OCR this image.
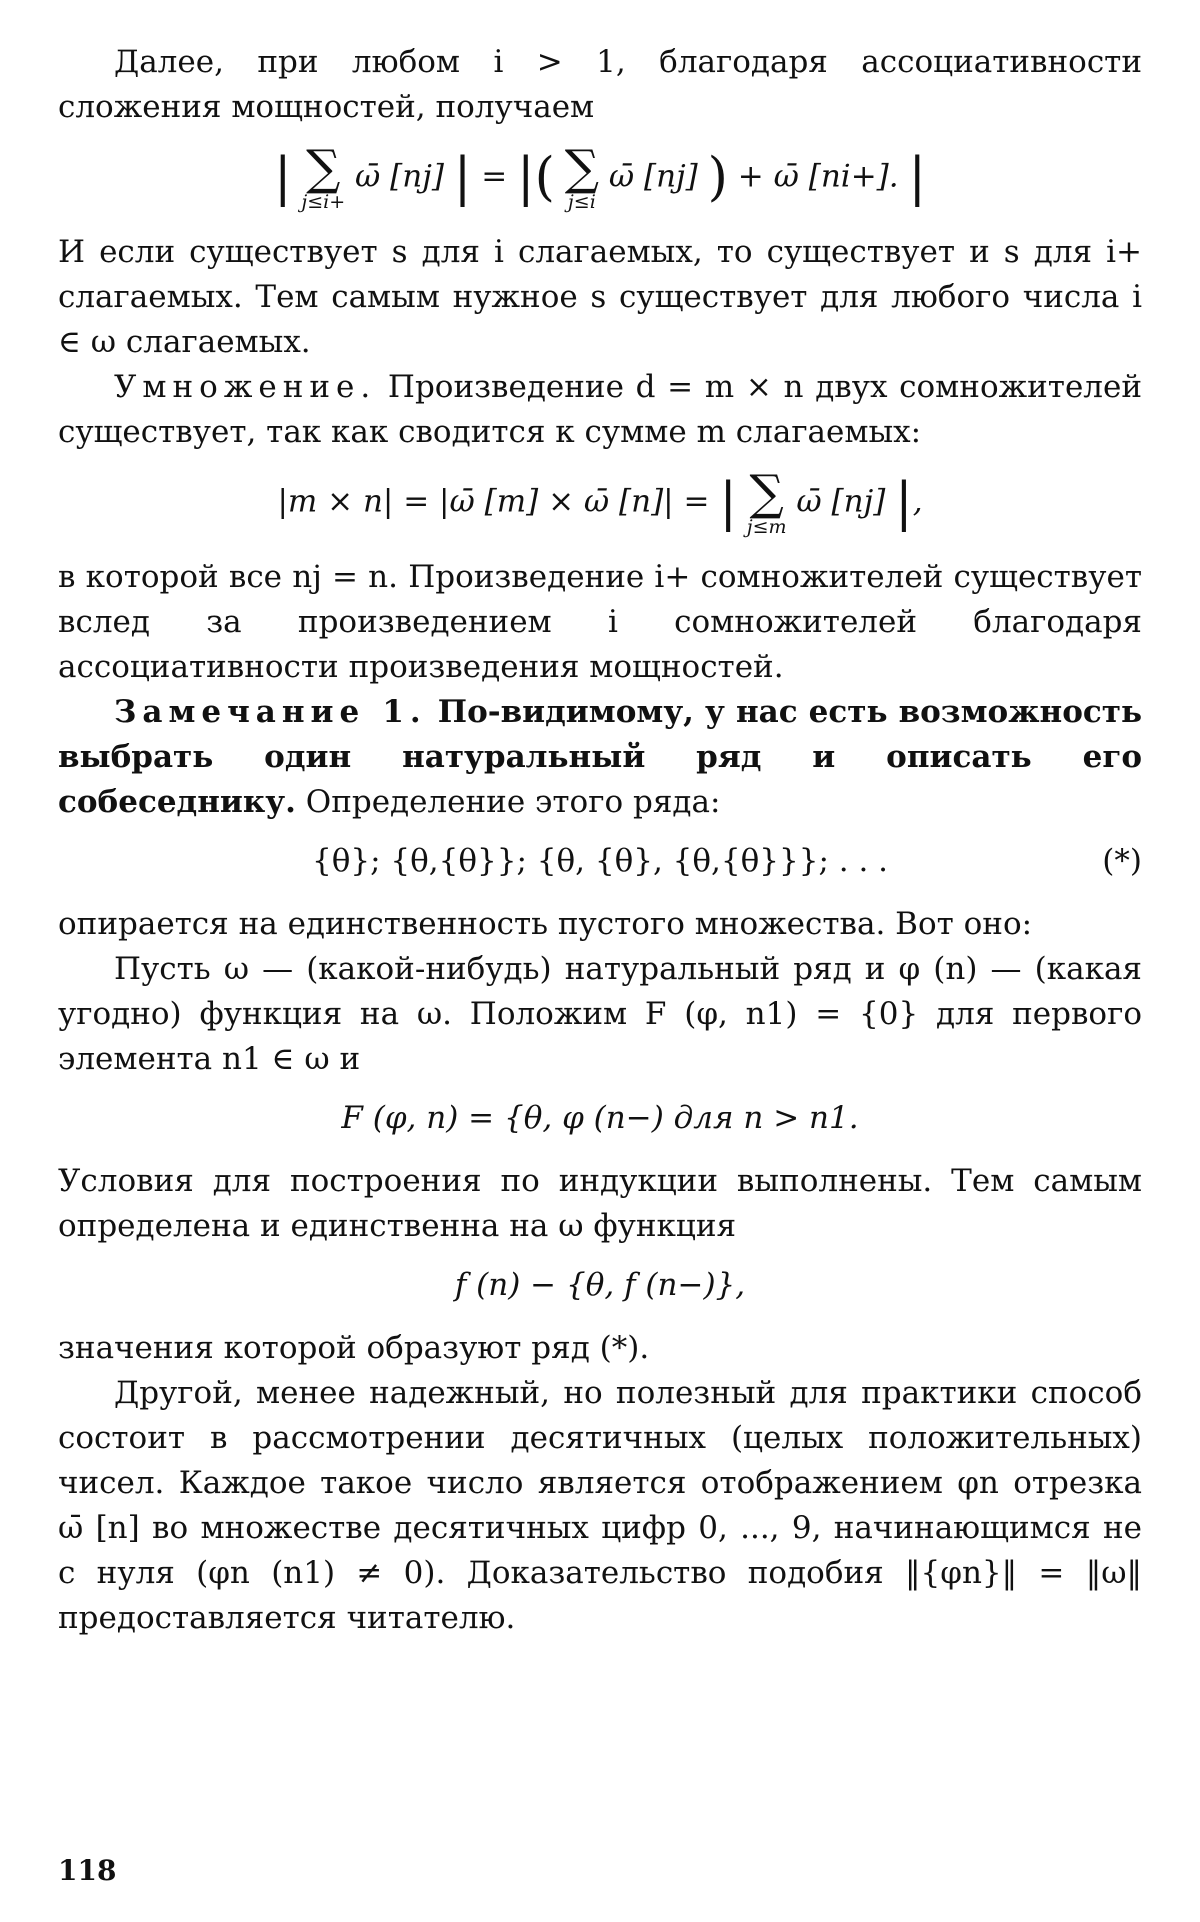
Далее, при любом i > 1, благодаря ассоциативности сложения мощностей, получаем

| ∑
j≤i+
ω̄ [nj] | = |( ∑
j≤i
ω̄ [nj] ) + ω̄ [ni+]. |

И если существует s для i слагаемых, то существует и s для i+ слагаемых. Тем самым нужное s существует для любого числа i ∈ ω слагаемых.

Умножение. Произведение d = m × n двух сомножителей существует, так как сводится к сумме m слагаемых:

|m × n| = |ω̄ [m] × ω̄ [n]| = | ∑
j≤m
ω̄ [nj] |,

в которой все nj = n. Произведение i+ сомножителей существует вслед за произведением i сомножителей благодаря ассоциативности произведения мощностей.

Замечание 1. По-видимому, у нас есть возможность выбрать один натуральный ряд и описать его собеседнику. Определение этого ряда:

{θ}; {θ,{θ}}; {θ, {θ}, {θ,{θ}}}; . . .	(*)

опирается на единственность пустого множества. Вот оно:

Пусть ω — (какой-нибудь) натуральный ряд и φ (n) — (какая угодно) функция на ω. Положим F (φ, n1) = {0} для первого элемента n1 ∈ ω и

F (φ, n) = {θ, φ (n−) для n > n1.

Условия для построения по индукции выполнены. Тем самым определена и единственна на ω функция

f (n) − {θ, f (n−)},

значения которой образуют ряд (*).

Другой, менее надежный, но полезный для практики способ состоит в рассмотрении десятичных (целых положительных) чисел. Каждое такое число является отображением φn отрезка ω̄ [n] во множестве десятичных цифр 0, ..., 9, начинающимся не с нуля (φn (n1) ≠ 0). Доказательство подобия ‖{φn}‖ = ‖ω‖ предоставляется читателю.

118
